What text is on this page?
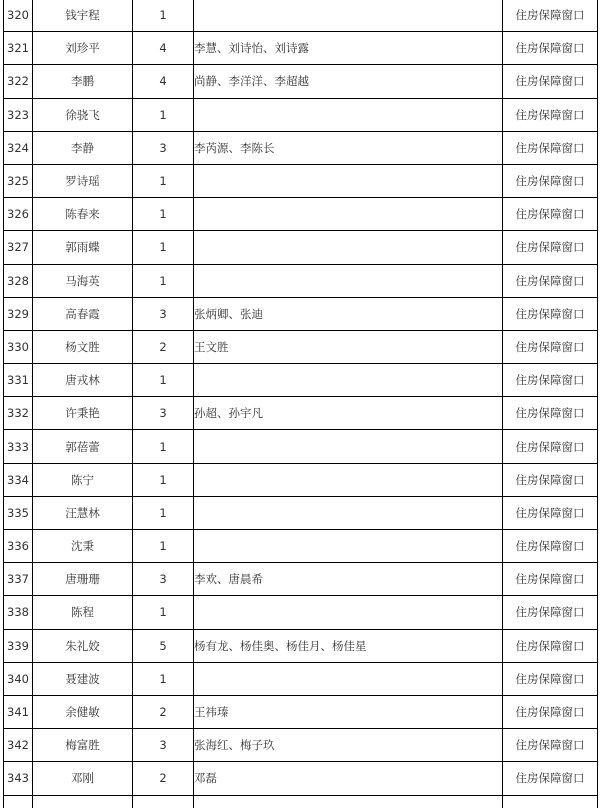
320	钱宇程	1		住房保障窗口
321	刘珍平	4	李慧、刘诗怡、刘诗露	住房保障窗口
322	李鹏	4	尚静、李洋洋、李超越	住房保障窗口
323	徐骁飞	1		住房保障窗口
324	李静	3	李芮源、李陈长	住房保障窗口
325	罗诗瑶	1		住房保障窗口
326	陈春来	1		住房保障窗口
327	郭雨蝶	1		住房保障窗口
328	马海英	1		住房保障窗口
329	高春霞	3	张炳卿、张迪	住房保障窗口
330	杨文胜	2	王文胜	住房保障窗口
331	唐戎林	1		住房保障窗口
332	许秉艳	3	孙超、孙宇凡	住房保障窗口
333	郭蓓蕾	1		住房保障窗口
334	陈宁	1		住房保障窗口
335	汪慧林	1		住房保障窗口
336	沈秉	1		住房保障窗口
337	唐珊珊	3	李欢、唐晨希	住房保障窗口
338	陈程	1		住房保障窗口
339	朱礼姣	5	杨有龙、杨佳奥、杨佳月、杨佳星	住房保障窗口
340	聂建波	1		住房保障窗口
341	余健敏	2	王祎瑧	住房保障窗口
342	梅富胜	3	张海红、梅子玖	住房保障窗口
343	邓刚	2	邓磊	住房保障窗口
